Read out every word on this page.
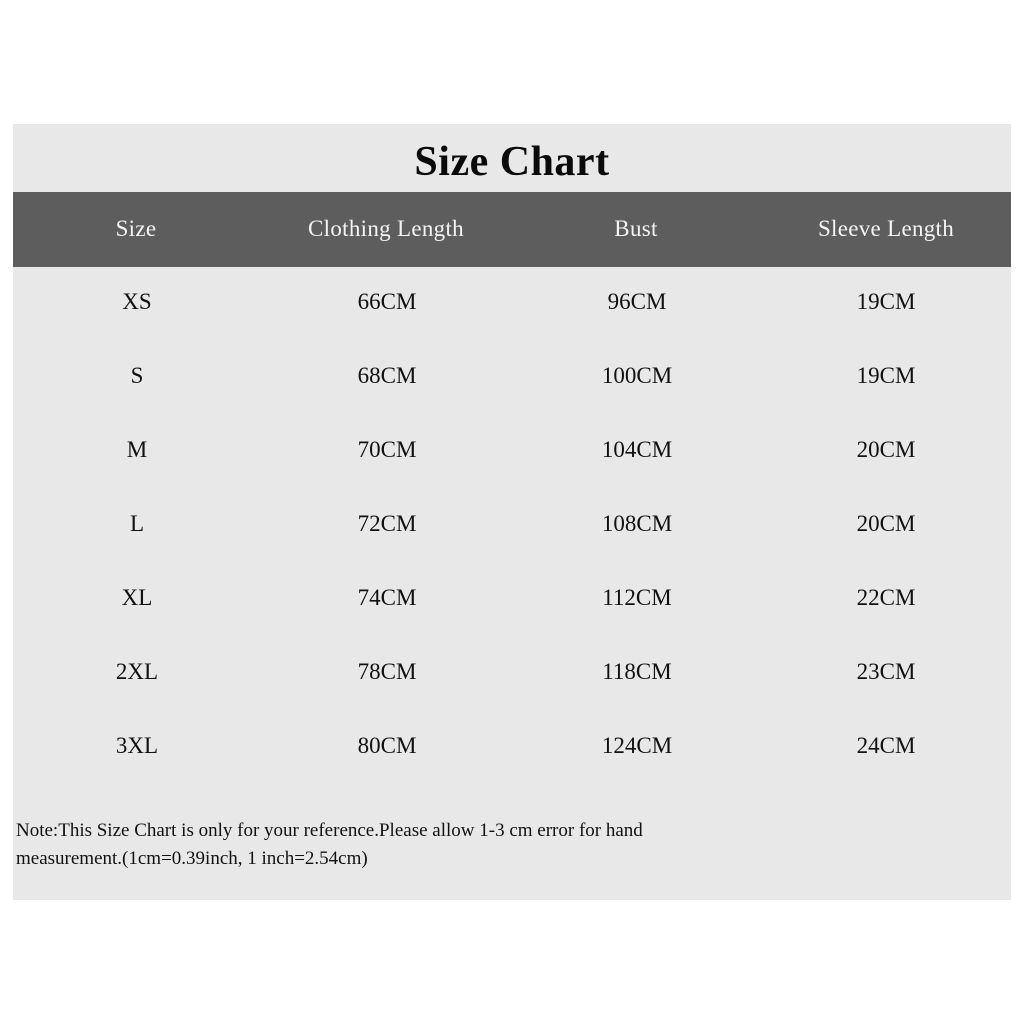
Size Chart
Size	Clothing Length	Bust	Sleeve Length
XS	66CM	96CM	19CM
S	68CM	100CM	19CM
M	70CM	104CM	20CM
L	72CM	108CM	20CM
XL	74CM	112CM	22CM
2XL	78CM	118CM	23CM
3XL	80CM	124CM	24CM
Note:This Size Chart is only for your reference.Please allow 1-3 cm error for hand
measurement.(1cm=0.39inch, 1 inch=2.54cm)
